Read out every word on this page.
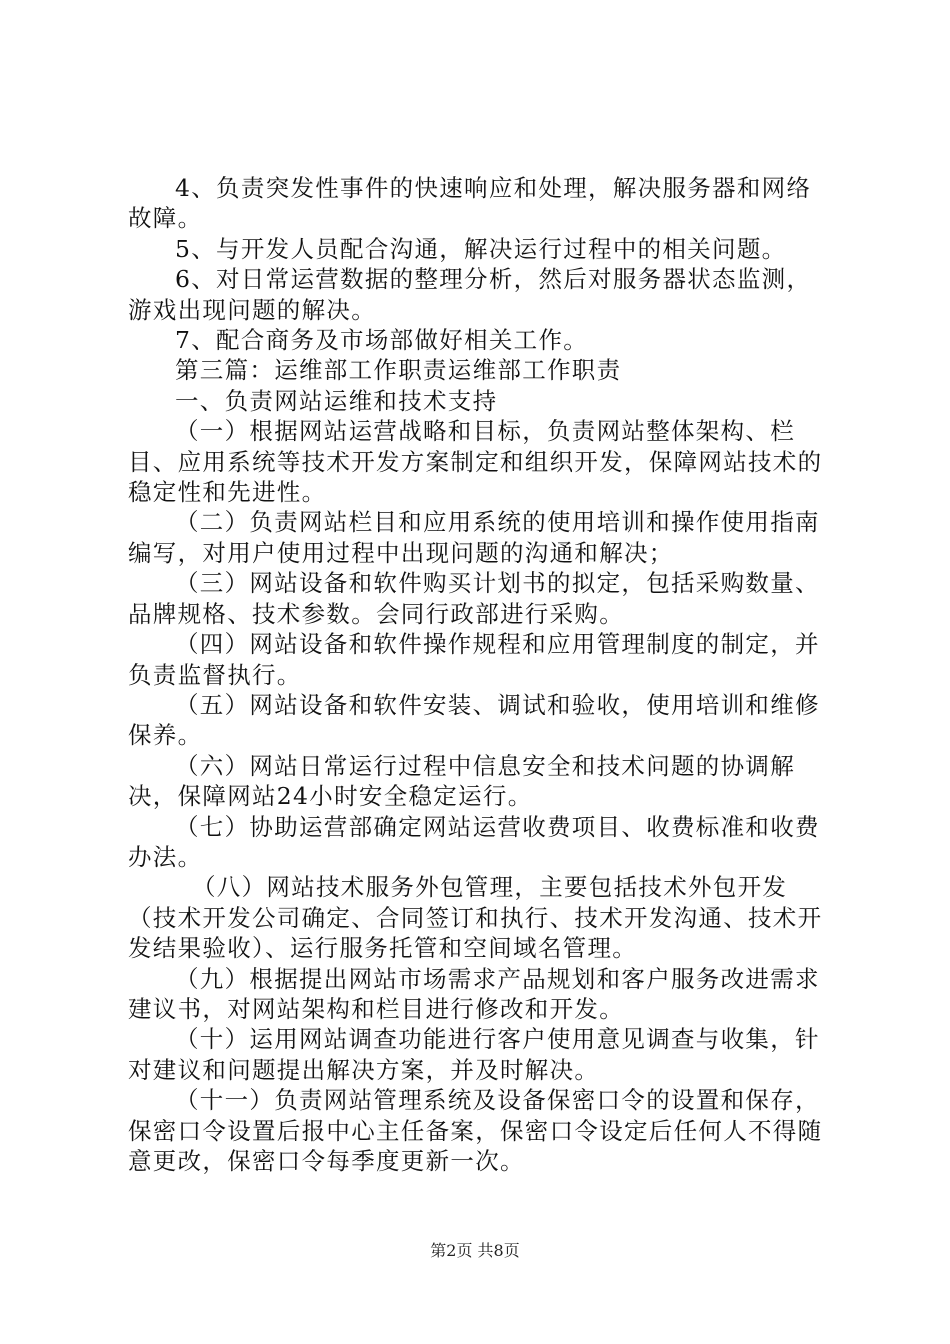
4、负责突发性事件的快速响应和处理，解决服务器和网络故障。

5、与开发人员配合沟通，解决运行过程中的相关问题。

6、对日常运营数据的整理分析，然后对服务器状态监测，游戏出现问题的解决。

7、配合商务及市场部做好相关工作。

第三篇：运维部工作职责运维部工作职责

一、负责网站运维和技术支持

（一）根据网站运营战略和目标，负责网站整体架构、栏目、应用系统等技术开发方案制定和组织开发，保障网站技术的稳定性和先进性。

（二）负责网站栏目和应用系统的使用培训和操作使用指南编写，对用户使用过程中出现问题的沟通和解决；

（三）网站设备和软件购买计划书的拟定，包括采购数量、品牌规格、技术参数。会同行政部进行采购。

（四）网站设备和软件操作规程和应用管理制度的制定，并负责监督执行。

（五）网站设备和软件安装、调试和验收，使用培训和维修保养。

（六）网站日常运行过程中信息安全和技术问题的协调解决，保障网站24小时安全稳定运行。

（七）协助运营部确定网站运营收费项目、收费标准和收费办法。

（八）网站技术服务外包管理，主要包括技术外包开发（技术开发公司确定、合同签订和执行、技术开发沟通、技术开发结果验收）、运行服务托管和空间域名管理。

（九）根据提出网站市场需求产品规划和客户服务改进需求建议书，对网站架构和栏目进行修改和开发。

（十）运用网站调查功能进行客户使用意见调查与收集，针对建议和问题提出解决方案，并及时解决。

（十一）负责网站管理系统及设备保密口令的设置和保存，保密口令设置后报中心主任备案，保密口令设定后任何人不得随意更改，保密口令每季度更新一次。

第2页 共8页
